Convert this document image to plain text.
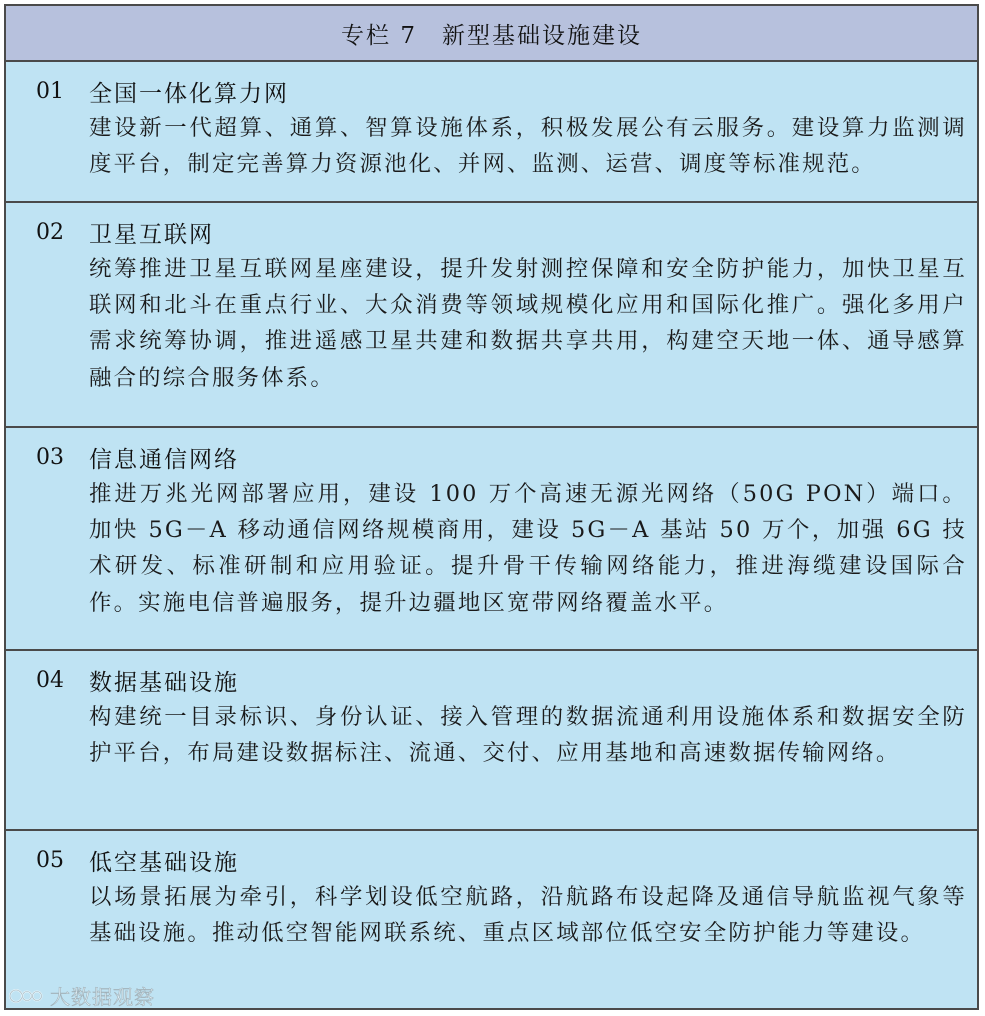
专栏 7　新型基础设施建设
01	全国一体化算力网
建设新一代超算、通算、智算设施体系，积极发展公有云服务。建设算力监测调度平台，制定完善算力资源池化、并网、监测、运营、调度等标准规范。
02	卫星互联网
统筹推进卫星互联网星座建设，提升发射测控保障和安全防护能力，加快卫星互联网和北斗在重点行业、大众消费等领域规模化应用和国际化推广。强化多用户需求统筹协调，推进遥感卫星共建和数据共享共用，构建空天地一体、通导感算融合的综合服务体系。
03	信息通信网络
推进万兆光网部署应用，建设 100 万个高速无源光网络（50G PON）端口。加快 5G－A 移动通信网络规模商用，建设 5G－A 基站 50 万个，加强 6G 技术研发、标准研制和应用验证。提升骨干传输网络能力，推进海缆建设国际合作。实施电信普遍服务，提升边疆地区宽带网络覆盖水平。
04	数据基础设施
构建统一目录标识、身份认证、接入管理的数据流通利用设施体系和数据安全防护平台，布局建设数据标注、流通、交付、应用基地和高速数据传输网络。
05	低空基础设施
以场景拓展为牵引，科学划设低空航路，沿航路布设起降及通信导航监视气象等基础设施。推动低空智能网联系统、重点区域部位低空安全防护能力等建设。
大数据观察
